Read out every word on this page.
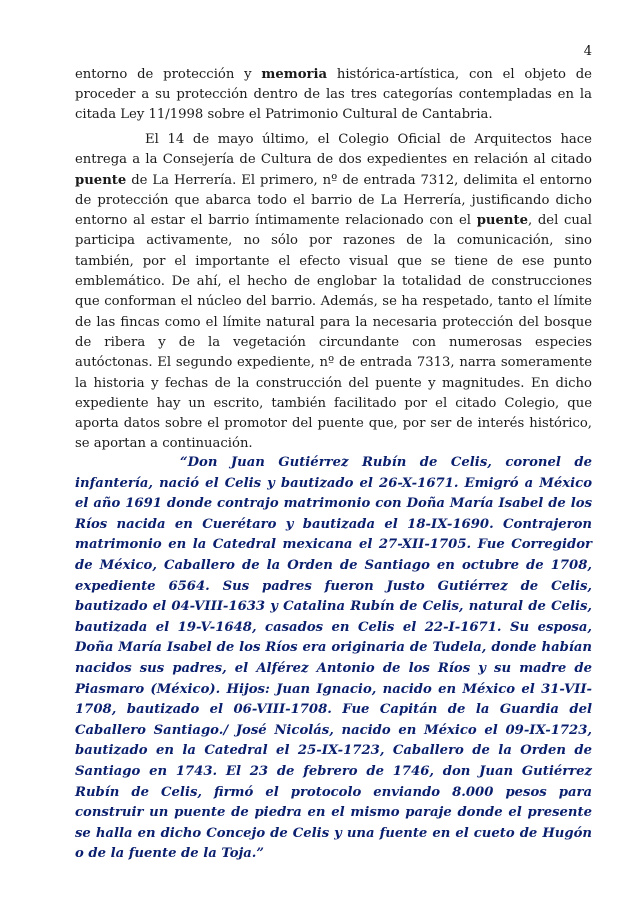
4

entorno de protección y memoria histórica-artística, con el objeto de proceder a su protección dentro de las tres categorías contempladas en la citada Ley 11/1998 sobre el Patrimonio Cultural de Cantabria.

El 14 de mayo último, el Colegio Oficial de Arquitectos hace entrega a la Consejería de Cultura de dos expedientes en relación al citado puente de La Herrería. El primero, nº de entrada 7312, delimita el entorno de protección que abarca todo el barrio de La Herrería, justificando dicho entorno al estar el barrio íntimamente relacionado con el puente, del cual participa activamente, no sólo por razones de la comunicación, sino también, por el importante el efecto visual que se tiene de ese punto emblemático. De ahí, el hecho de englobar la totalidad de construcciones que conforman el núcleo del barrio. Además, se ha respetado, tanto el límite de las fincas como el límite natural para la necesaria protección del bosque de ribera y de la vegetación circundante con numerosas especies autóctonas. El segundo expediente, nº de entrada 7313, narra someramente la historia y fechas de la construcción del puente y magnitudes. En dicho expediente hay un escrito, también facilitado por el citado Colegio, que aporta datos sobre el promotor del puente que, por ser de interés histórico, se aportan a continuación.

“Don Juan Gutiérrez Rubín de Celis, coronel de infantería, nació el Celis y bautizado el 26-X-1671. Emigró a México el año 1691 donde contrajo matrimonio con Doña María Isabel de los Ríos nacida en Cuerétaro y bautizada el 18-IX-1690. Contrajeron matrimonio en la Catedral mexicana el 27-XII-1705. Fue Corregidor de México, Caballero de la Orden de Santiago en octubre de 1708, expediente 6564. Sus padres fueron Justo Gutiérrez de Celis, bautizado el 04-VIII-1633 y Catalina Rubín de Celis, natural de Celis, bautizada el 19-V-1648, casados en Celis el 22-I-1671. Su esposa, Doña María Isabel de los Ríos era originaria de Tudela, donde habían nacidos sus padres, el Alférez Antonio de los Ríos y su madre de Piasmaro (México). Hijos: Juan Ignacio, nacido en México el 31-VII-1708, bautizado el 06-VIII-1708. Fue Capitán de la Guardia del Caballero Santiago./ José Nicolás, nacido en México el 09-IX-1723, bautizado en la Catedral el 25-IX-1723, Caballero de la Orden de Santiago en 1743. El 23 de febrero de 1746, don Juan Gutiérrez Rubín de Celis, firmó el protocolo enviando 8.000 pesos para construir un puente de piedra en el mismo paraje donde el presente se halla en dicho Concejo de Celis y una fuente en el cueto de Hugón o de la fuente de la Toja.”
